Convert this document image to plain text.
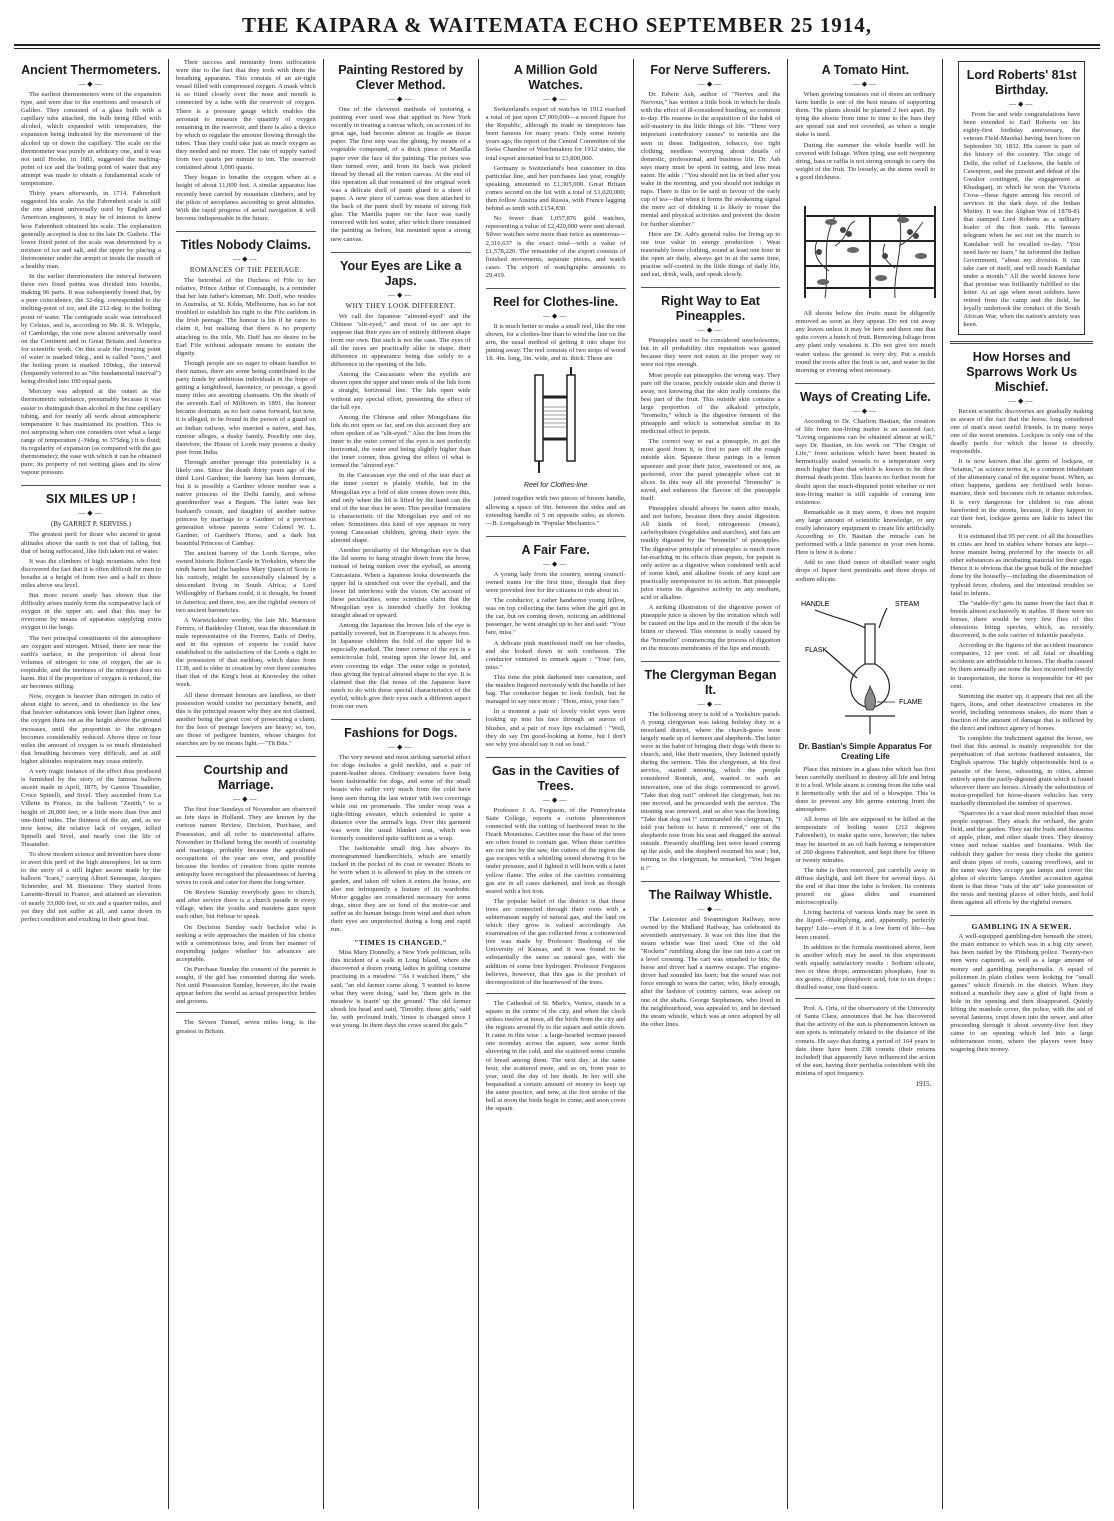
THE KAIPARA & WAITEMATA ECHO SEPTEMBER 25 1914,
Ancient Thermometers.
—◆—

The earliest thermometers were of the expansion type, and were due to the exertions and research of Galileo. They consisted of a glass bulb with a capillary tube attached, the bulb being filled with alcohol, which expanded with temperature, the expansion being indicated by the movement of the alcohol up or down the capillary. The scale on the thermometer was purely an arbitrary one, and it was not until Hooke, in 1681, suggested the melting-point of ice and the boiling point of water that any attempt was made to obtain a fundamental scale of temperature.

Thirty years afterwards, in 1714, Fahrenheit suggested his scale. As the Fahrenheit scale is still the one almost universally used by English and American engineers, it may be of interest to know how Fahrenheit obtained his scale. The explanation generally accepted is due to the late Dr. Guthrie. The lower fixed point of the scale was determined by a mixture of ice and salt, and the upper by placing a thermometer under the armpit or inside the mouth of a healthy man.

In the earlier thermometers the interval between these two fixed points was divided into fourths, making 96 parts. It was subsequently found that, by a pure coincidence, the 32-deg. corresponded to the melting-point of ice, and the 212-deg. to the boiling point of water. The centigrade scale was introduced by Celsius, and is, according to Mr. R. S. Whipple, of Cambridge, the one now almost universally used on the Continent and in Great Britain and America for scientific work. On this scale the freezing point of water is marked 0deg., and is called "zero," and the boiling point is marked 100deg., the interval (frequently referred to as "the fundamental interval") being divided into 100 equal parts.

Mercury was adopted at the outset as the thermometric substance, presumably because it was easier to distinguish than alcohol in the fine capillary tubing, and for nearly all work about atmospheric temperature it has maintained its position. This is not surprising when one considers over what a large range of temperature (-39deg. to 375deg.) it is fluid; its regularity of expansion (as compared with the gas thermometer); the ease with which it can be obtained pure; its property of not wetting glass and its slow vapour pressure.

SIX MILES UP !
—◆—
(By GARRET P. SERVISS.)

The greatest peril for those who ascend to great altitudes above the earth is not that of falling, but that of being suffocated, like fish taken out of water.

It was the climbers of high mountains who first discovered the fact that it is often difficult for men to breathe at a height of from two and a half to three miles above sea level.

But more recent study has shown that the difficulty arises mainly from the comparative lack of oxygen in the upper air, and that this may be overcome by means of apparatus supplying extra oxygen to the lungs.

The two principal constituents of the atmosphere are oxygen and nitrogen. Mixed, there are near the earth's surface, in the proportion of about four volumes of nitrogen to one of oxygen, the air is respirable, and the inertness of the nitrogen does no harm. But if the proportion of oxygen is reduced, the air becomes stifling.

Now, oxygen is heavier than nitrogen in ratio of about eight to seven, and in obedience to the law that heavier substances sink lower than lighter ones, the oxygen thins out as the height above the ground increases, until the proportion to the nitrogen becomes considerably reduced. Above three or four miles the amount of oxygen is so much diminished that breathing becomes very difficult, and at still higher altitudes respiration may cease entirely.

A very tragic instance of the effect thus produced is furnished by the story of the famous balloon ascent made in April, 1875, by Gaston Tissandier, Croce Spinelli, and Sivel. They ascended from La Villette in France, in the balloon "Zenith," to a height of 28,000 feet, or a little more than five and one-third miles. The thinness of the air, and, as we now know, the relative lack of oxygen, killed Spinelli and Sivel, and nearly cost the life of Tissandier.

To show modern science and invention have done to avert this peril of the high atmosphere, let us turn to the story of a still higher ascent made by the balloon "Icare," carrying Albert Senouque, Jacques Schneider, and M. Bienaime. They started from Lamotte-Breuil in France, and attained an elevation of nearly 33,000 feet, or six and a quarter miles, and yet they did not suffer at all, and came down in perfect condition and exulting in their great feat.

Their success and immunity from suffocation were due to the fact that they took with them the breathing apparatus. This consists of an air-tight vessel filled with compressed oxygen. A mask which is so fitted closely over the nose and mouth is connected by a tube with the reservoir of oxygen. There is a pressure gauge which enables the aeronaut to measure the quantity of oxygen remaining in the reservoir, and there is also a device by which to regulate the amount flowing through the tubes. Thus they could take just as much oxygen as they needed and no more. The rate of supply varied from two quarts per minute to ten. The reservoir contained about 1,000 quarts.

They began to breathe the oxygen when at a height of about 11,000 feet. A similar apparatus has recently been carried by mountain climbers, and by the pilots of aeroplanes ascending to great altitudes. With the rapid progress of aerial navigation it will become indispensable in the future.

Titles Nobody Claims.
—◆—
ROMANCES OF THE PEERAGE.

The betrothal of the Duchess of Fife to her relative, Prince Arthur of Connaught, is a reminder that her late father's kinsman, Mr. Duff, who resides in Australia, at St. Kilda, Melbourne, has so far not troubled to establish his right to the Fife earldom in the Irish peerage. The honour is his if he cares to claim it, but realising that there is no property attaching to the title, Mr. Duff has no desire to be Earl Fife without adequate means to sustain the dignity.

Though people are so eager to obtain handles to their names, there are some being contributed to the party funds by ambitious individuals in the hope of getting a knighthood, baronetcy, or peerage, a good many titles are awaiting claimants. On the death of the seventh Earl of Milltown in 1891, the honour became dormant, as no heir came forward, but now, it is alleged, to be found in the person of a guard on an Indian railway, who married a native, and has, rumour alleges, a dusky family. Possibly one day, therefore, the House of Lords may possess a dusky peer from India.

Through another peerage this potentiality is a likely one. Since the death thirty years ago of the third Lord Gardner, the barony has been dormant, but it is possibly a Gardner whose mother was a native princess of the Delhi family, and whose grandmother was a Begum. The latter was her husband's cousin, and daughter of another native princess by marriage to a Gardner of a previous generation whose parents were Colonel W. L. Gardner, of Gardner's Horse, and a dark but beautiful Princess of Cambay.

The ancient barony of the Lords Scrope, who owned historic Bolton Castle in Yorkshire, where the ninth baron had the hapless Mary Queen of Scots in his custody, might be successfully claimed by a descendant living in South Africa; a Lord Willoughby of Parham could, it is thought, be found in America; and there, too, are the rightful owners of two ancient baronetcies.

A Warwickshire worthy, the late Mr. Marmion Ferrers, of Baddesley Clinton, was the descendant in male representative of the Ferrers, Earls of Derby, and in the opinion of experts he could have established to the satisfaction of the Lords a right to the possession of that earldom, which dates from 1138, and is older in creation by over three centuries than that of the King's host at Knowsley the other week.

All these dormant honours are landless, so their possession would confer no pecuniary benefit, and this is the principal reason why they are not claimed, another being the great cost of prosecuting a claim, for the fees of peerage lawyers are heavy; so, too, are those of pedigree hunters, whose charges for searches are by no means light.—"Tit Bits."

Courtship and Marriage.
—◆—

The first four Sundays of November are observed as fete days in Holland. They are known by the curious names Review, Decision, Purchase, and Possession, and all refer to matrimonial affairs. November in Holland being the month of courtship and marriage, probably because the agricultural occupations of the year are over, and possibly because the hordes of creation from quite remote antiquity have recognised the pleasantness of having wives to cook and cater for them the long winter.

On Review Sunday everybody goes to church, and after service there is a church parade in every village, when the youths and maidens gaze upon each other, but forbear to speak.

On Decision Sunday each bachelor who is seeking a wife approaches the maiden of his choice with a ceremonious bow, and from her manner of responding judges whether his advances are acceptable.

On Purchase Sunday the consent of the parents is sought, if the girl has consented during the week. Not until Possession Sunday, however, do the twain appear before the world as actual prospective brides and grooms.

The Severn Tunnel, seven miles long, is the greatest in Britain.

Painting Restored by Clever Method.
—◆—

One of the cleverest methods of restoring a painting ever used was that applied in New York recently in treating a canvas which, on account of its great age, had become almost as fragile as tissue paper. The first step was the gluing, by means of a vegetable compound, of a thick piece of Manilla paper over the face of the painting. The picture was then turned over, and from its back was picked thread by thread all the rotten canvas. At the end of this operation all that remained of the original work was a delicate shell of paint glued to a sheet of paper. A new piece of canvas was then attached to the back of the paint shell by means of strong fish glue. The Manilla paper on the face was easily removed with hot water, after which there remained the painting as before, but mounted upon a strong new canvas.

Your Eyes are Like a Japs.
—◆—
WHY THEY LOOK DIFFERENT.

We call the Japanese "almond-eyed" and the Chinese "slit-eyed," and most of us are apt to suppose that their eyes are of entirely different shape from our own. But such is not the case. The eyes of all the races are practically alike in shape, their difference in appearance being due solely to a difference in the opening of the lids.

Among the Caucasians when the eyelids are drawn open the upper and inner ends of the lids form a straight, horizontal line. The lids open wide without any special effort, presenting the effect of the full eye.

Among the Chinese and other Mongolians the lids do not open so far, and on this account they are often spoken of as "slit-eyed." Also the line from the inner to the outer corner of the eyes is not perfectly horizontal, the outer end being slightly higher than the inner corner, thus giving the effect of what is termed the "almond eye."

In the Caucasian eye the end of the tear duct at the inner corner is plainly visible, but in the Mongolian eye a fold of skin comes down over this, and only when the lid is lifted by the hand can the end of the tear duct be seen. This peculiar formation is characteristic of the Mongolian eye and of no other. Sometimes this kind of eye appears in very young Caucasian children, giving their eyes the almond shape.

Another peculiarity of the Mongolian eye is that the lid seems to hang straight down from the brow, instead of being sunken over the eyeball, as among Caucasians. When a Japanese looks downwards the upper lid is stretched out over the eyeball, and the lower lid interferes with the vision. On account of these peculiarities, some scientists claim that the Mongolian eye is intended chiefly for looking straight ahead or upward.

Among the Japanese the brown lids of the eye is partially covered, but in Europeans it is always free. In Japanese children the fold of the upper lid is especially marked. The inner corner of the eye is a semicircular fold, resting upon the lower lid, and even covering its edge. The outer edge is pointed, thus giving the typical almond shape to the eye. It is claimed that the flat noses of the Japanese have much to do with these special characteristics of the eyelid, which give their eyes such a different aspect from our own.

Fashions for Dogs.
—◆—

The very newest and most striking sartorial effect for dogs includes a gold necklet, and a pair of patent-leather shoes. Ordinary sweaters have long been fashionable for dogs, and some of the small beasts who suffer very much from the cold have been seen during the last winter with two coverings while out on promenade. The under wrap was a tight-fitting sweater, which extended to quite a distance over the animal's legs. Over this garment was worn the usual blanket coat, which was formerly considered quite sufficient as a wrap.

The fashionable small dog has always its monogrammed handkerchiefs, which are smartly tucked in the pocket of its coat or sweater. Boots to be worn when it is allowed to play in the streets or garden, and taken off when it enters the house, are also not infrequently a feature of its wardrobe. Motor goggles are considered necessary for some dogs, since they are so fond of the motor-car and suffer as do human beings from wind and dust when their eyes are unprotected during a long and rapid run.

"TIMES IS CHANGED."

Miss Mary Donnelly, a New York politician, tells this incident of a walk in Long Island, where she discovered a dozen young ladies in golfing costume practising in a meadow. "As I watched them," she said, "an old farmer came along. 'I wanted to know what they were doing,' said he, 'them girls in the meadow is tearin' up the ground.' The old farmer shook his head and said, 'Timothy, those girls,' said he, with profound truth, 'times is changed since I was young. In them days the cows scared the gals.'"

A Million Gold Watches.
—◆—

Switzerland's export of watches in 1912 reached a total of just upon £7,000,000—a record figure for the Republic, although its trade in timepieces has been famous for many years. Only some twenty years ago, the report of the Central Committee of the Swiss Chamber of Watchmakers for 1912 states, the total export amounted but to £3,800,000.

Germany is Switzerland's best customer in this particular line, and her purchases last year, roughly speaking, amounted to £1,305,000. Great Britain comes second on the list with a total of £1,020,000; then follow Austria and Russia, with France lagging behind as tenth with £154,830.

No fewer than 1,057,876 gold watches, representing a value of £2,420,000 were sent abroad. Silver watches were more than twice as numerous—2,316,637 is the exact total—with a value of £1,578,220. The remainder of the export consists of finished movements, separate pieces, and watch cases. The export of watchgraphs amounts to 29,419.

Reel for Clothes-line.
—◆—

It is much better to make a small reel, like the one shown, for a clothes-line than to wind the line on the arm, the usual method of getting it into shape for putting away. The reel consists of two strips of wood 1ft. 4in. long, 3in. wide, and in. thick. These are

Reel for Clothes-line

joined together with two pieces of broom handle, allowing a space of 9in. between the sides and an extending handle of 5 on opposite sides, as shown.—B. Longabaugh in "Popular Mechanics."

A Fair Fare.
—◆—

A young lady from the country, seeing council-owned trams for the first time, thought that they were provided free for the citizens to ride about in.

The conductor, a rather handsome young fellow, was on top collecting the fares when the girl got in the car, but on coming down, noticing an additional passenger, he went straight up to her and said: "Your fare, miss."

A delicate pink manifested itself on her cheeks, and she looked down in soft confusion. The conductor ventured to remark again : "Your fare, miss."

This time the pink darkened into carnation, and the maiden fingered nervously with the handle of her bag. The conductor began to look foolish, but he managed to say once more : "Hem, miss, your fare."

In a moment a pair of lovely violet eyes were looking up into his face through an aurora of blushes, and a pair of rosy lips exclaimed : "Well, they do say I'm good-looking at home, but I don't see why you should say it out so loud."

Gas in the Cavities of Trees.
—◆—

Professor J. A. Ferguson, of the Pennsylvania State College, reports a curious phenomenon connected with the cutting of hardwood trees in the Ozark Mountains. Cavities near the base of the trees are often found to contain gas. When these cavities are cut into by the saw, the cutters of the region the gas escapes with a whistling sound showing it to be under pressure, and if lighted it will burn with a faint yellow flame. The sides of the cavities containing gas are in all cases darkened, and look as though seared with a hot iron.

The popular belief of the district is that these trees are connected through their roots with a subterranean supply of natural gas, and the land on which they grow is valued accordingly. An examination of the gas collected from a cottonwood tree was made by Professor Bushong of the University of Kansas, and it was found to be substantially the same as natural gas, with the addition of some free hydrogen. Professor Ferguson believes, however, that this gas is the product of decomposition of the heartwood of the trees.

The Cathedral of St. Mark's, Venice, stands in a square in the centre of the city, and when the clock strikes twelve at noon, all the birds from the city and the regions around fly to the square and settle down. It came in this wise : a large-hearted woman passed one noonday across the square, saw some birds shivering in the cold, and she scattered some crumbs of bread among them. The next day, at the same hour, she scattered more, and so on, from year to year, until the day of her death. In her will she bequeathed a certain amount of money to keep up the same practice, and now, at the first stroke of the bell at noon the birds begin to come, and soon cover the square.

For Nerve Sufferers.
—◆—

Dr. Edwin Ash, author of "Nerves and the Nervous," has written a little book in which he deals with the effect of ill-considered hustling, so common to-day. His reasons to the acquisition of the habit of self-mastery in the little things of life. "Three very important contributory causes" to neuritis are the seen in these. Indigestion, tobacco, too tight clothing, needless worrying about details of domestic, professional, and business life. Dr. Ash says many must be spent in eating, and less meat eaten. He adds : "You should not lie in bed after you wake in the morning, and you should not indulge in naps. There is this to be said in favour of the early cup of tea—that when it forms the awakening signal the mere act of drinking it is likely to rouse the mental and physical activities and prevent the desire for further slumber."

Here are Dr. Ash's general rules for living up to our true value in energy production : Wear reasonably loose clothing, sound at least one hour in the open air daily, always get in at the same time, practise self-control in the little things of daily life, and eat, drink, walk, and speak slowly.

Right Way to Eat Pineapples.
—◆—

Pineapples used to be considered unwholesome, but in all probability this reputation was gained because they were not eaten in the proper way or were not ripe enough.

Most people eat pineapples the wrong way. They pare off the coarse, prickly outside skin and throw it away, not knowing that the skin really contains the best part of the fruit. This outside skin contains a large proportion of the alkaloid principle, "bromelin," which is the digestive ferment of the pineapple and which is somewhat similar in its medicinal effect to pepsin.

The correct way to eat a pineapple, to get the most good from it, is first to pare off the rough outside skin. Squeeze these parings in a lemon squeezer and pour their juice, sweetened or not, as preferred, over the pared pineapple when cut in slices. In this way all the powerful "bromelin" is saved, and enhances the flavour of the pineapple itself.

Pineapples should always be eaten after meals, and not before, because then they assist digestion. All kinds of food, nitrogenous (meats), carbohydrates (vegetables and starches), and fats are readily digested by the "bromelin" of pineapples. The digestive principle of pineapples is much more far-reaching in its effects than pepsin, for pepsin is only active as a digestive when combined with acid of some kind, and alkaline foods of any kind are practically unresponsive to its action. But pineapple juice exerts its digestive activity in any medium, acid or alkaline.

A striking illustration of the digestive power of pineapple juice is shown by the irritation which will be caused on the lips and in the mouth if the skin be bitten or chewed. This soreness is really caused by the "bromelin" commencing the process of digestion on the mucous membranes of the lips and mouth.

The Clergyman Began It.
—◆—

The following story is told of a Yorkshire parish. A young clergyman was taking holiday duty in a moorland district, where the church-goers were largely made up of farmers and shepherds. The latter were in the habit of bringing their dogs with them to church, and, like their masters, they listened quietly during the sermon. This the clergyman, at his first service, started intoning, which the people considered Romish, and, wanted to such an innovation, one of the dogs commenced to growl. "Take that dog out!" ordered the clergyman, but no one moved, and he proceeded with the service. The intoning was renewed, and so also was the howling. "Take that dog out !" commanded the clergyman, "I told you before to have it removed," one of the shepherds rose from his seat and dragged the animal outside. Presently shuffling feet were heard coming up the aisle, and the shepherd resumed his seat ; but, turning to the clergyman, he remarked, "You began it !"

The Railway Whistle.
—◆—

The Leicester and Swannington Railway, now owned by the Midland Railway, has celebrated its seventieth anniversary. It was on this line that the steam whistle was first used. One of the old "Rockets" rumbling along the line ran into a cart on a level crossing. The cart was smashed to bits; the horse and driver had a narrow escape. The engine-driver had sounded his horn; but the sound was not force enough to warn the carter, who, likely enough, after the fashion of country carters, was asleep on one of the shafts. George Stephenson, who lived in the neighbourhood, was appealed to, and he devised the steam whistle, which was at once adopted by all the other lines.

A Tomato Hint.
—◆—

When growing tomatoes out of doors an ordinary farm hurdle is one of the best means of supporting them. The plants should be planted 2 feet apart. By tying the shoots from time to time to the bars they are spread out and not crowded, as when a single stake is used.

During the summer the whole hurdle will be covered with foliage. When tying, use soft twopenny string, bass or raffia is not strong enough to carry the weight of the fruit. Tie loosely, as the stems swell to a good thickness.

All shoots below the fruits must be diligently removed as soon as they appear. Do not cut away any leaves unless it may be here and there one that quite covers a bunch of fruit. Removing foliage from any plant only weakens it. Do not give too much water unless the ground is very dry. Put a mulch round the roots after the fruit is set, and water in the morning or evening when necessary.

Ways of Creating Life.
—◆—

According to Dr. Charlton Bastian, the creation of life from non-living matter is an assured fact. "Living organisms can be obtained almost at will," says Dr. Bastian, in his work on "The Origin of Life," from solutions which have been heated in hermetically sealed vessels to a temperature very much higher than that which is known to be their thermal death point. This leaves no further room for doubt upon the much-disputed point whether or not non-living matter is still capable of coming into existence.

Remarkable as it may seem, it does not require any large amount of scientific knowledge, or any costly laboratory equipment to create life artificially. According to Dr. Bastian the miracle can be performed with a little patience in your own home. Here is how it is done :

Add to one fluid ounce of distilled water eight drops of liquor ferri pernitratis and three drops of sodium silicate.

HANDLE	STEAM
FLASK
FLAME
Dr. Bastian's Simple Apparatus For Creating Life

Place this mixture in a glass tube which has first been carefully sterilised to destroy all life and bring it to a boil. While steam is coming from the tube seal it hermetically with the aid of a blowpipe. This is done to prevent any life germs entering from the atmosphere.

All forms of life are supposed to be killed at the temperature of boiling water (212 degrees Fahrenheit), to make quite sure, however, the tubes may be inserted in an oil bath having a temperature of 260 degrees Fahrenheit, and kept there for fifteen or twenty minutes.

The tube is then removed, put carefully away in diffuse daylight, and left there for several days. At the end of that time the tube is broken. Its contents poured on glass slides and examined microscopically.

Living bacteria of various kinds may be seen in the liquid—multiplying, and, apparently, perfectly happy! Life—even if it is a low form of life—has been created.

In addition to the formula mentioned above, here is another which may be used in this experiment with equally satisfactory results : Sodium silicate, two or three drops; ammonium phosphate, four to six grains ; dilute phosphoric acid, four to six drops ; distilled water, one fluid ounce.

Prof. A. Orta, of the observatory of the University of Santa Clara, announces that he has discovered that the activity of the sun is phenomenon known as sun spots is intimately related to the distance of the comets. He says that during a period of 164 years to date there have been 238 comets (their returns included) that apparently have influenced the action of the sun, having their perihelia coincident with the minima of spot frequency.

1915.
Lord Roberts' 81st Birthday.
—◆—

From far and wide congratulations have been extended to Earl Roberts on his eighty-first birthday anniversary, the veteran Field-Marshal having been born on September 30, 1832. His career is part of the history of the country. The siege of Delhi, the relief of Lucknow, the battle of Cawnpore, and the pursuit and defeat of the Gwalior contingent, the engagement at Khudaganj, in which he won the Victoria Cross—these figure among his record of services in the dark days of the Indian Mutiny. It was the Afghan War of 1878-81 that stamped Lord Roberts as a military leader of the first rank. His famous telegram when he set out on the march to Kandahar will be recalled to-day. "You need have no fears," he informed the Indian Government, "about my division. It can take care of itself, and will reach Kandahar under a month." All the world knows how that promise was brilliantly fulfilled to the letter. At an age when most soldiers have retired from the camp and the field, he loyally undertook the conduct of the South African War, when the nation's anxiety was keen.

How Horses and Sparrows Work Us Mischief.
—◆—

Recent scientific discoveries are gradually making us aware of the fact that the horse, long considered one of man's most useful friends, is in many ways one of the worst enemies. Lockjaw is only one of the deadly perils for which the horse is directly responsible.

It is now known that the germ of lockjaw, or "tetanus," as science terms it, is a common inhabitant of the alimentary canal of the equine beast. When, as often happens, gardens are fertilised with horse-manure, their soil becomes rich in tetanus microbes. It is very dangerous for children to run about barefooted in the streets, because, if they happen to cut their feet, lockjaw germs are liable to infect the wounds.

It is estimated that 95 per cent. of all the houseflies in cities are bred in stables where horses are kept—horse manure being preferred by the insects to all other substances as incubating material for their eggs. Hence it is obvious that the great bulk of the mischief done by the housefly—including the dissemination of typhoid fever, cholera, and the intestinal troubles so fatal to infants.

The "stable-fly" gets its name from the fact that it breeds almost exclusively in stables. If there were no horses, there would be very few flies of this obnoxious biting species, which, as recently discovered, is the sole carrier of infantile paralysis.

According to the figures of the accident insurance companies, 12 per cent. of all fatal or disabling accidents are attributable to horses. The deaths caused by them annually are none the less incurred indirectly to transportation, the horse is responsible for 40 per cent.

Summing the matter up, it appears that not all the tigers, lions, and other destructive creatures in the world, including venomous snakes, do more than a fraction of the amount of damage that is inflicted by the direct and indirect agency of horses.

To complete the indictment against the horse, we find that this animal is mainly responsible for the perpetuation of that serious feathered nuisance, the English sparrow. The highly objectionable bird is a parasite of the horse, subsisting, in cities, almost entirely upon the partly-digested grain which is found wherever there are horses. Already the substitution of motor-propelled for horse-drawn vehicles has very markedly diminished the number of sparrows.

"Sparrows do a vast deal more mischief than most people suppose. They attack the orchard, the grain field, and the garden. They eat the buds and blossoms of apple, plum, and other shade trees. They destroy vines and refuse stables and fountains. With the rubbish they gather for nests they choke the gutters and drain pipes of roofs, causing overflows, and in the same way they occupy gas lamps and cover the globes of electric lamps. Another accusation against them is that these "rats of the air" take possession of the nests and nesting places of other birds, and hold them against all efforts by the rightful owners.

GAMBLING IN A SEWER.

A well-equipped gambling-den beneath the street, the main entrance to which was in a big city sewer, has been raided by the Pittsburg police. Twenty-two men were captured, as well as a large amount of money and gambling paraphernalia. A squad of policemen in plain clothes were looking for "small games" which flourish in the district. When they noticed a manhole they saw a glint of light from a hole in the opening and then disappeared. Quietly lifting the manhole cover, the police, with the aid of several lanterns, crept down into the sewer, and after proceeding through it about seventy-five feet they came to an opening which led into a large subterranean room, where the players were busy wagering their money.
